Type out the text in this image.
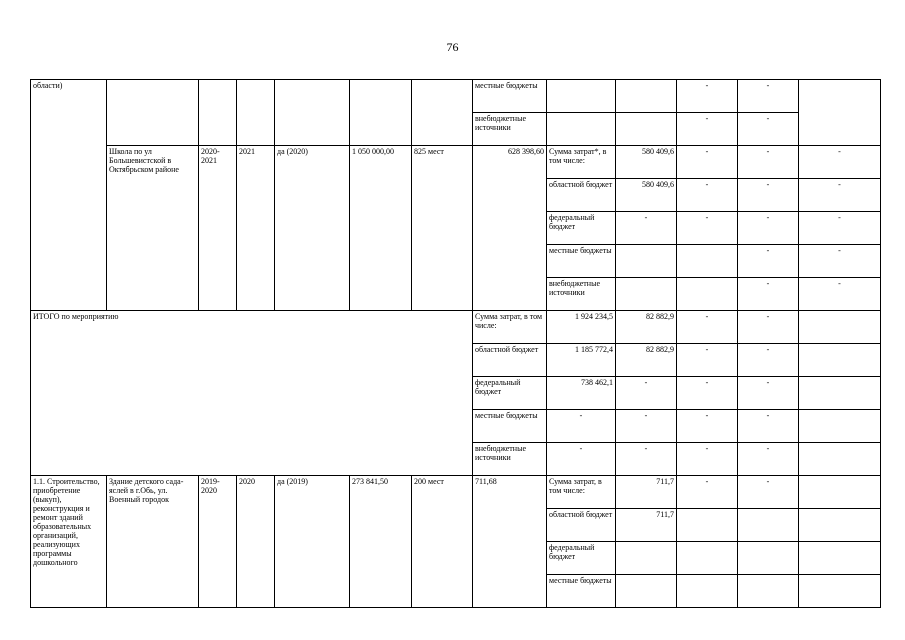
76
области)							местные бюджеты			-	-		
							внебюджетные источники			-	-		
	Школа по ул Большевистской в Октябрьском районе	2020-2021	2021	да (2020)	1 050 000,00	825 мест	628 398,60	Сумма затрат*, в том числе:	580 409,6	-	-	-	
								областной бюджет	580 409,6	-	-	-	
								федеральный бюджет	-	-	-	-	
								местные бюджеты			-	-	
								внебюджетные источники			-	-	
ИТОГО по мероприятию							Сумма затрат, в том числе:	1 924 234,5	82 882,9	-	-		
							областной бюджет	1 185 772,4	82 882,9	-	-		
							федеральный бюджет	738 462,1	-	-	-		
							местные бюджеты	-	-	-	-		
							внебюджетные источники	-	-	-	-		
1.1. Строительство, приобретение (выкуп), реконструкция и ремонт зданий образовательных организаций, реализующих программы дошкольного	Здание детского сада-яслей в г.Обь, ул. Военный городок	2019-2020	2020	да (2019)	273 841,50	200 мест	711,68	Сумма затрат, в том числе:	711,7	-	-		
								областной бюджет	711,7				
								федеральный бюджет					
								местные бюджеты					
